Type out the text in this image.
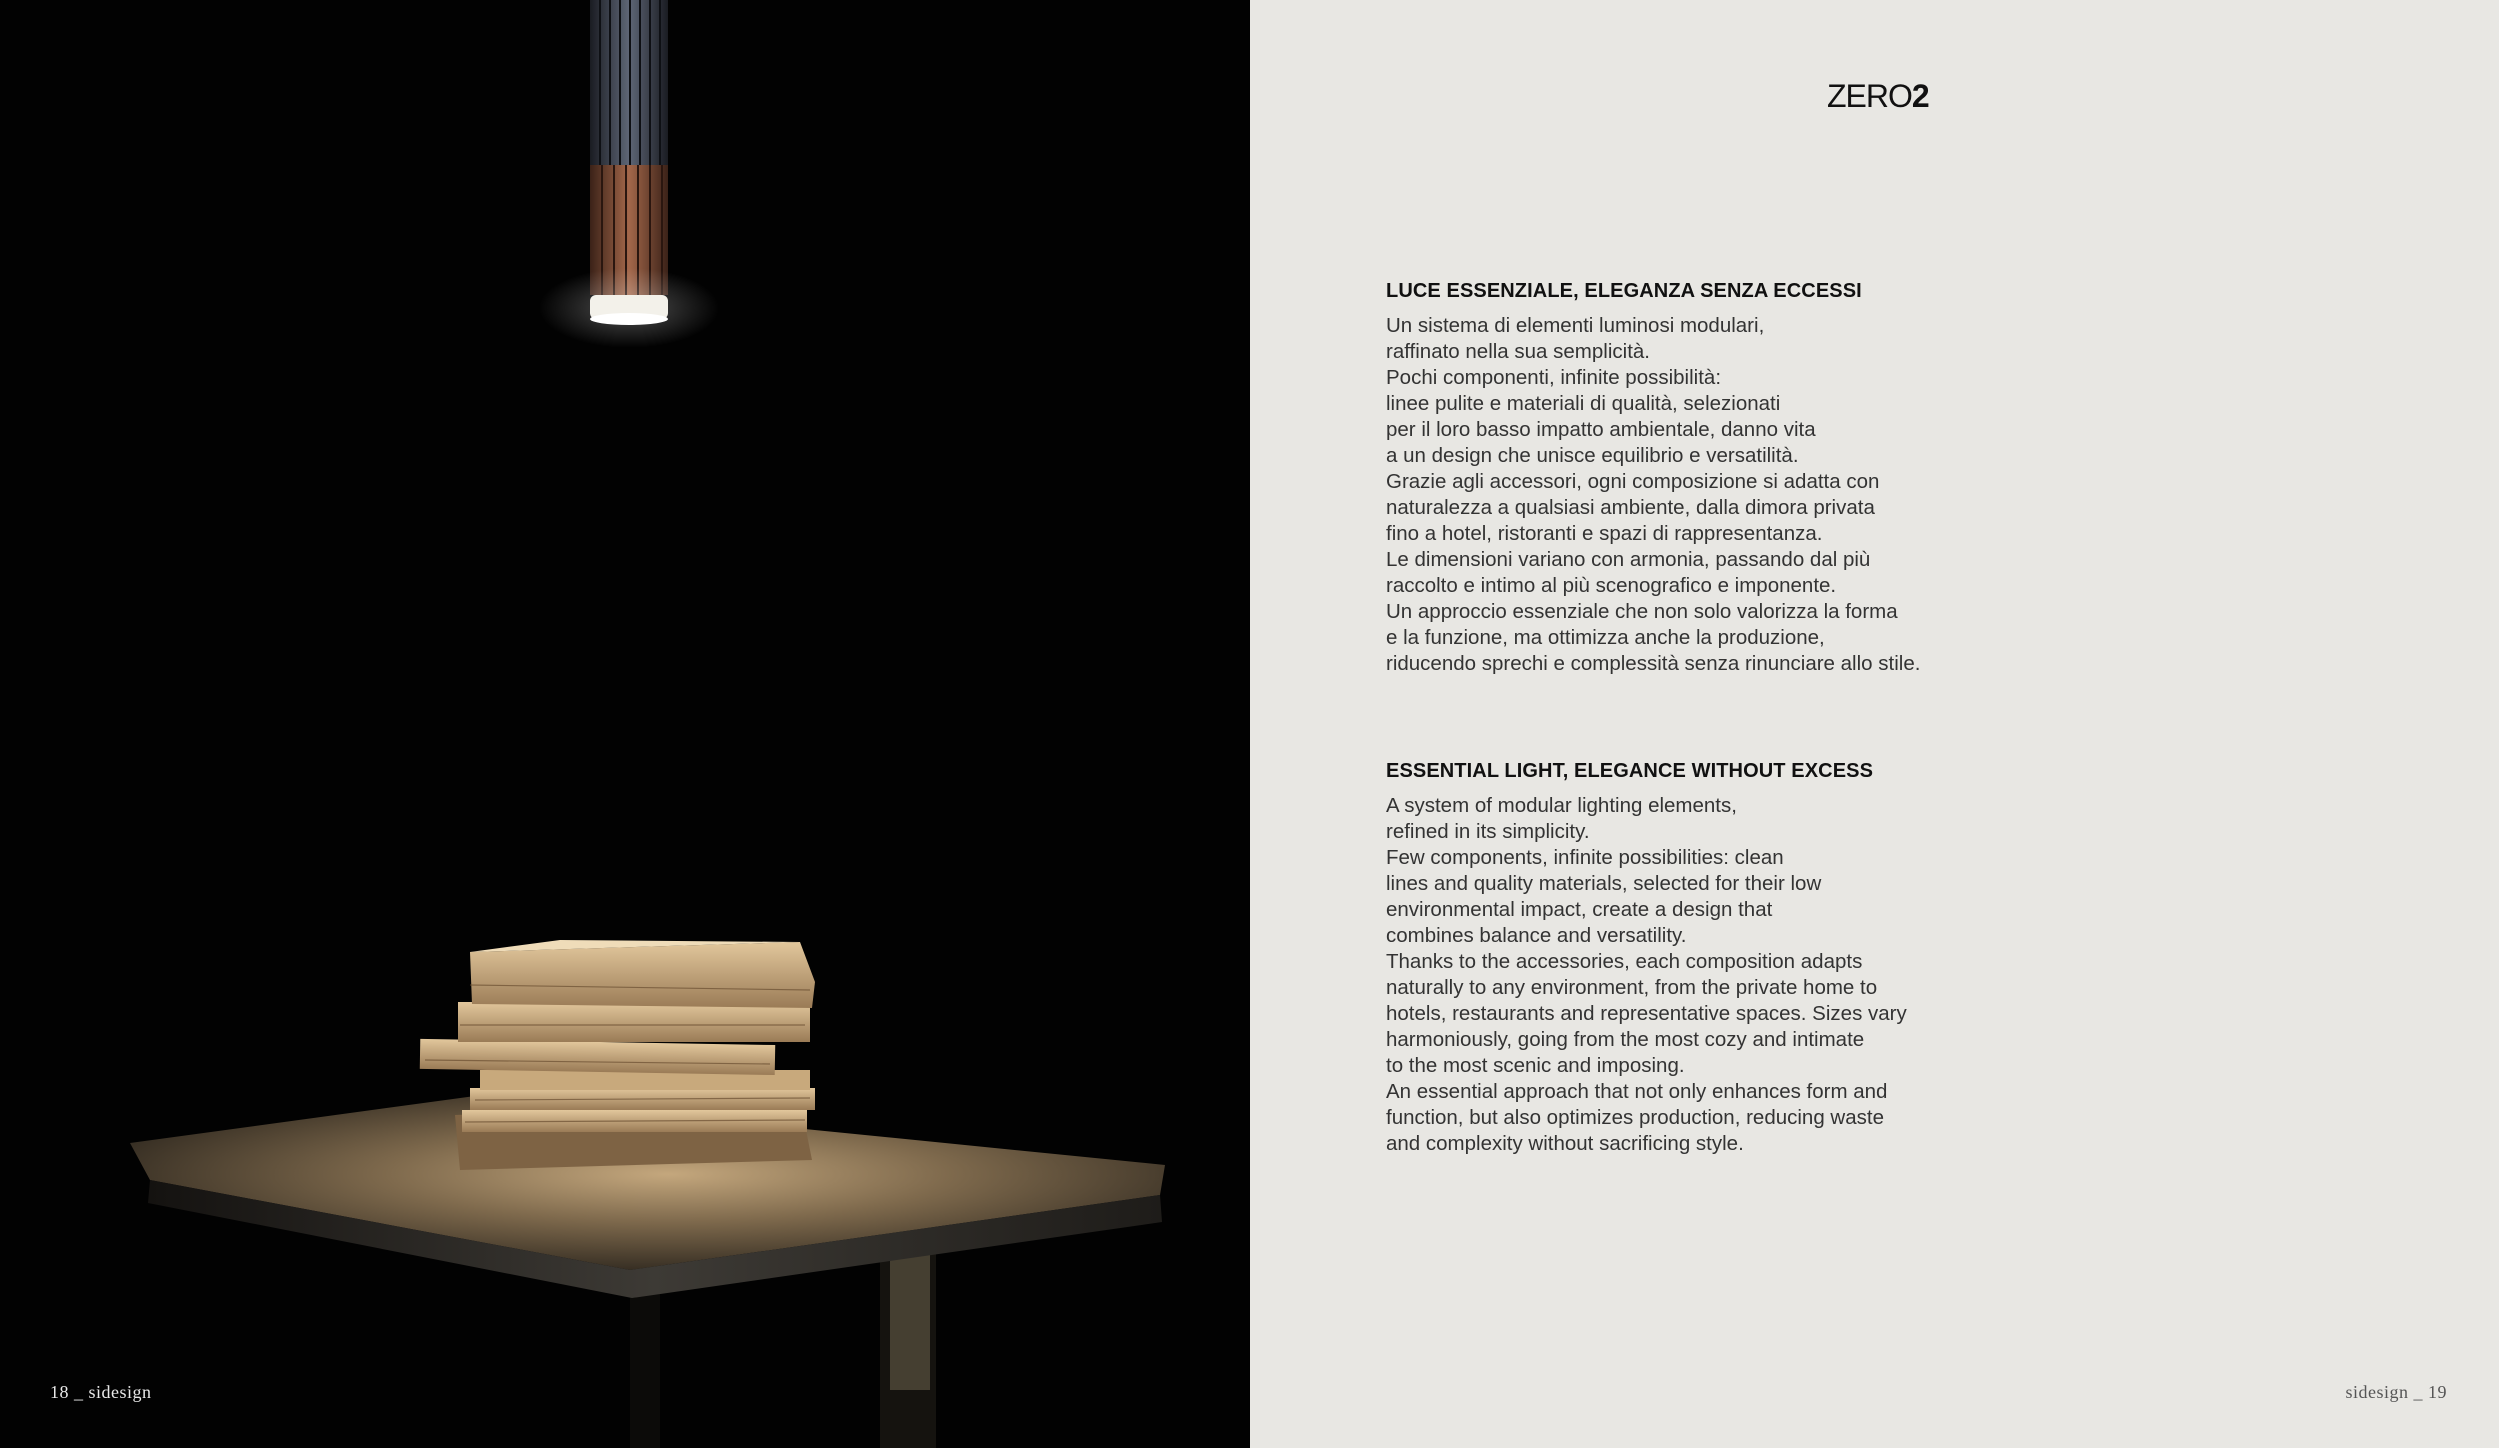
18 _ sidesign
ZERO2
LUCE ESSENZIALE, ELEGANZA SENZA ECCESSI
Un sistema di elementi luminosi modulari,
raffinato nella sua semplicità.
Pochi componenti, infinite possibilità:
linee pulite e materiali di qualità, selezionati
per il loro basso impatto ambientale, danno vita
a un design che unisce equilibrio e versatilità.
Grazie agli accessori, ogni composizione si adatta con
naturalezza a qualsiasi ambiente, dalla dimora privata
fino a hotel, ristoranti e spazi di rappresentanza.
Le dimensioni variano con armonia, passando dal più
raccolto e intimo al più scenografico e imponente.
Un approccio essenziale che non solo valorizza la forma
e la funzione, ma ottimizza anche la produzione,
riducendo sprechi e complessità senza rinunciare allo stile.
ESSENTIAL LIGHT, ELEGANCE WITHOUT EXCESS
A system of modular lighting elements,
refined in its simplicity.
Few components, infinite possibilities: clean
lines and quality materials, selected for their low
environmental impact, create a design that
combines balance and versatility.
Thanks to the accessories, each composition adapts
naturally to any environment, from the private home to
hotels, restaurants and representative spaces. Sizes vary
harmoniously, going from the most cozy and intimate
to the most scenic and imposing.
An essential approach that not only enhances form and
function, but also optimizes production, reducing waste
and complexity without sacrificing style.
sidesign _ 19
